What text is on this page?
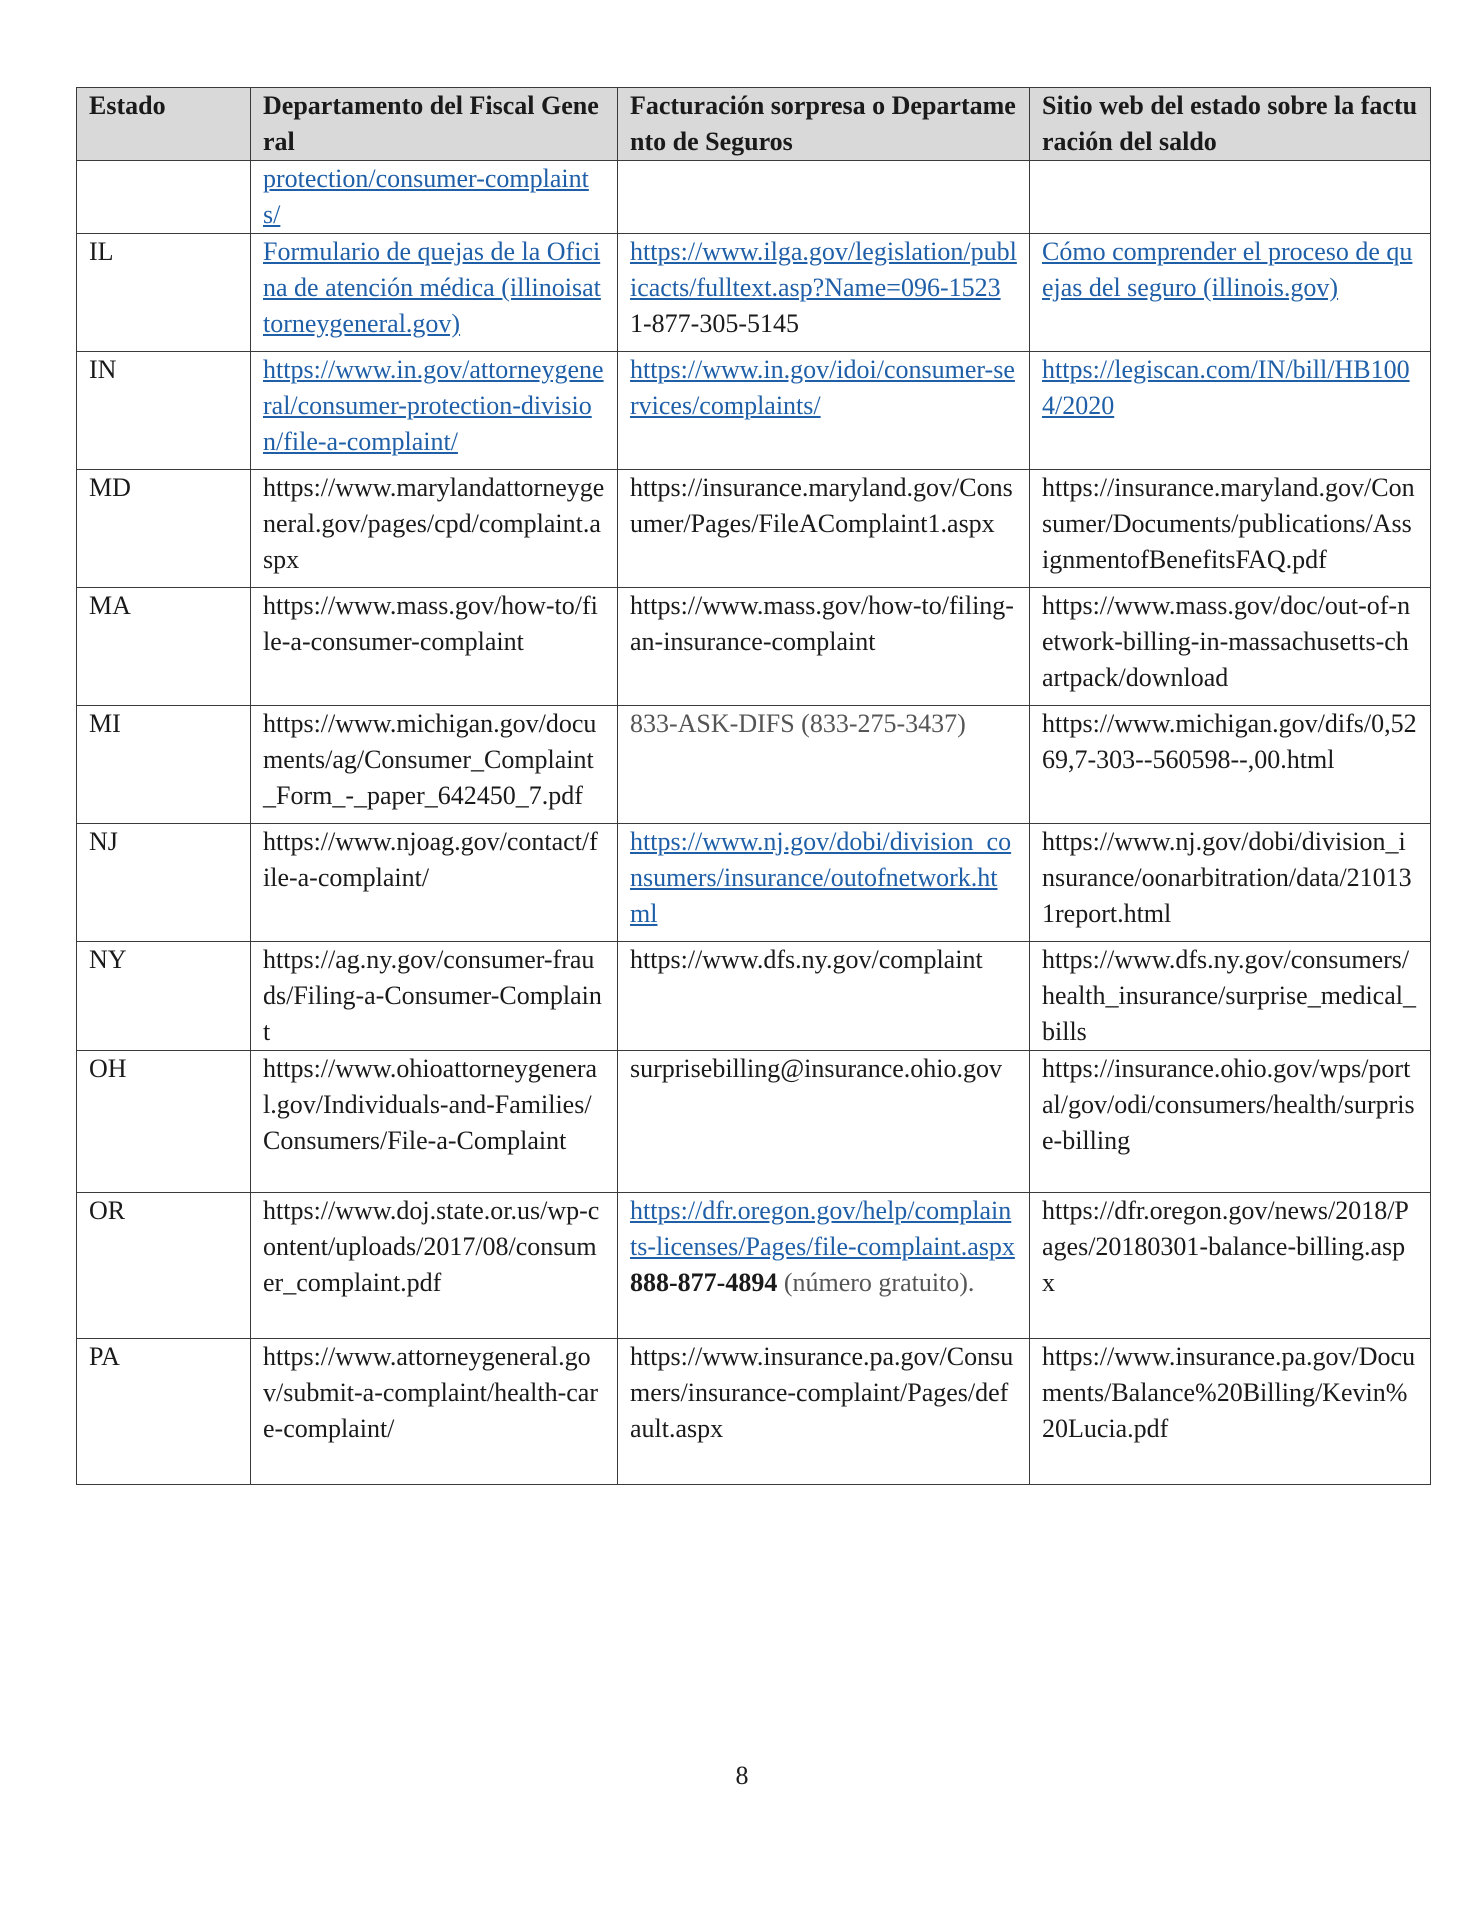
Estado	Departamento del Fiscal General	Facturación sorpresa o Departamento de Seguros	Sitio web del estado sobre la facturación del saldo
	protection/consumer-complaints/		
IL	Formulario de quejas de la Oficina de atención médica (illinoisattorneygeneral.gov)	https://www.ilga.gov/legislation/publicacts/fulltext.asp?Name=096-1523 1-877-305-5145	Cómo comprender el proceso de quejas del seguro (illinois.gov)
IN	https://www.in.gov/attorneygeneral/consumer-protection-division/file-a-complaint/	https://www.in.gov/idoi/consumer-services/complaints/	https://legiscan.com/IN/bill/HB1004/2020
MD	https://www.marylandattorneygeneral.gov/pages/cpd/complaint.aspx	https://insurance.maryland.gov/Consumer/Pages/FileAComplaint1.aspx	https://insurance.maryland.gov/Consumer/Documents/publications/AssignmentofBenefitsFAQ.pdf
MA	https://www.mass.gov/how-to/file-a-consumer-complaint	https://www.mass.gov/how-to/filing-an-insurance-complaint	https://www.mass.gov/doc/out-of-network-billing-in-massachusetts-chartpack/download
MI	https://www.michigan.gov/documents/ag/Consumer_Complaint_Form_-_paper_642450_7.pdf	833-ASK-DIFS (833-275-3437)	https://www.michigan.gov/difs/0,5269,7-303--560598--,00.html
NJ	https://www.njoag.gov/contact/file-a-complaint/	https://www.nj.gov/dobi/division_consumers/insurance/outofnetwork.html	https://www.nj.gov/dobi/division_insurance/oonarbitration/data/210131report.html
NY	https://ag.ny.gov/consumer-frauds/Filing-a-Consumer-Complaint	https://www.dfs.ny.gov/complaint	https://www.dfs.ny.gov/consumers/health_insurance/surprise_medical_bills
OH	https://www.ohioattorneygeneral.gov/Individuals-and-Families/Consumers/File-a-Complaint	surprisebilling@insurance.ohio.gov	https://insurance.ohio.gov/wps/portal/gov/odi/consumers/health/surprise-billing
OR	https://www.doj.state.or.us/wp-content/uploads/2017/08/consumer_complaint.pdf	https://dfr.oregon.gov/help/complaints-licenses/Pages/file-complaint.aspx 888-877-4894 (número gratuito).	https://dfr.oregon.gov/news/2018/Pages/20180301-balance-billing.aspx
PA	https://www.attorneygeneral.gov/submit-a-complaint/health-care-complaint/	https://www.insurance.pa.gov/Consumers/insurance-complaint/Pages/default.aspx	https://www.insurance.pa.gov/Documents/Balance%20Billing/Kevin%20Lucia.pdf
8
